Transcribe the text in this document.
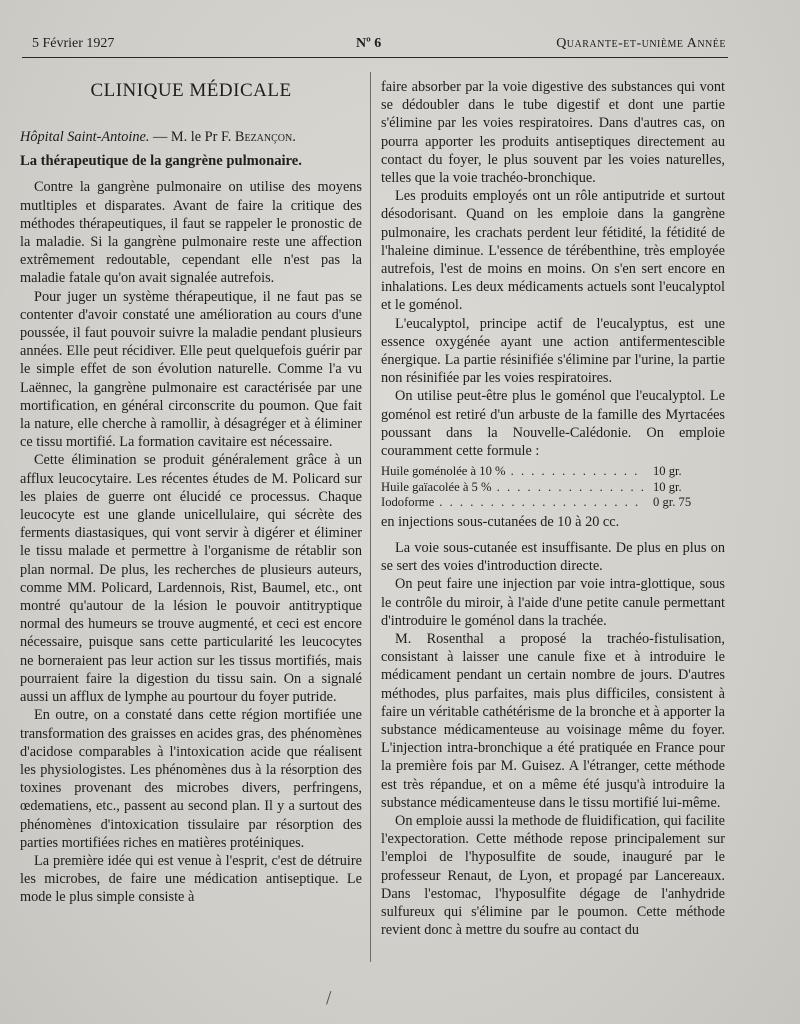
5 Février 1927	Nº 6	Quarante-et-unième Année
CLINIQUE MÉDICALE
Hôpital Saint-Antoine. — M. le Pr F. Bezançon.
La thérapeutique de la gangrène pulmonaire.

Contre la gangrène pulmonaire on utilise des moyens mutltiples et disparates. Avant de faire la critique des méthodes thérapeutiques, il faut se rappeler le pronostic de la maladie. Si la gangrène pulmonaire reste une affection extrêmement redoutable, cependant elle n'est pas la maladie fatale qu'on avait signalée autrefois.

Pour juger un système thérapeutique, il ne faut pas se contenter d'avoir constaté une amélioration au cours d'une poussée, il faut pouvoir suivre la maladie pendant plusieurs années. Elle peut récidiver. Elle peut quelquefois guérir par le simple effet de son évolution naturelle. Comme l'a vu Laënnec, la gangrène pulmonaire est caractérisée par une mortification, en général circonscrite du poumon. Que fait la nature, elle cherche à ramollir, à désagréger et à éliminer ce tissu mortifié. La formation cavitaire est nécessaire.

Cette élimination se produit généralement grâce à un afflux leucocytaire. Les récentes études de M. Policard sur les plaies de guerre ont élucidé ce processus. Chaque leucocyte est une glande unicellulaire, qui sécrète des ferments diastasiques, qui vont servir à digérer et éliminer le tissu malade et permettre à l'organisme de rétablir son plan normal. De plus, les recherches de plusieurs auteurs, comme MM. Policard, Lardennois, Rist, Baumel, etc., ont montré qu'autour de la lésion le pouvoir antitryptique normal des humeurs se trouve augmenté, et ceci est encore nécessaire, puisque sans cette particularité les leucocytes ne borneraient pas leur action sur les tissus mortifiés, mais pourraient faire la digestion du tissu sain. On a signalé aussi un afflux de lymphe au pourtour du foyer putride.

En outre, on a constaté dans cette région mortifiée une transformation des graisses en acides gras, des phénomènes d'acidose comparables à l'intoxication acide que réalisent les physiologistes. Les phénomènes dus à la résorption des toxines provenant des microbes divers, perfringens, œdematiens, etc., passent au second plan. Il y a surtout des phénomènes d'intoxication tissulaire par résorption des parties mortifiées riches en matières protéiniques.

La première idée qui est venue à l'esprit, c'est de détruire les microbes, de faire une médication antiseptique. Le mode le plus simple consiste à

faire absorber par la voie digestive des substances qui vont se dédoubler dans le tube digestif et dont une partie s'élimine par les voies respiratoires. Dans d'autres cas, on pourra apporter les produits antiseptiques directement au contact du foyer, le plus souvent par les voies naturelles, telles que la voie trachéo-bronchique.

Les produits employés ont un rôle antiputride et surtout désodorisant. Quand on les emploie dans la gangrène pulmonaire, les crachats perdent leur fétidité, la fétidité de l'haleine diminue. L'essence de térébenthine, très employée autrefois, l'est de moins en moins. On s'en sert encore en inhalations. Les deux médicaments actuels sont l'eucalyptol et le goménol.

L'eucalyptol, principe actif de l'eucalyptus, est une essence oxygénée ayant une action antifermentescible énergique. La partie résinifiée s'élimine par l'urine, la partie non résinifiée par les voies respiratoires.

On utilise peut-être plus le goménol que l'eucalyptol. Le goménol est retiré d'un arbuste de la famille des Myrtacées poussant dans la Nouvelle-Calédonie. On emploie couramment cette formule :

Huile goménolée à 10 % . . .	10 gr.
Huile gaïacolée à 5 % . . .	10 gr.
Iodoforme . . .	0 gr. 75

en injections sous-cutanées de 10 à 20 cc.

La voie sous-cutanée est insuffisante. De plus en plus on se sert des voies d'introduction directe.

On peut faire une injection par voie intra-glottique, sous le contrôle du miroir, à l'aide d'une petite canule permettant d'introduire le goménol dans la trachée.

M. Rosenthal a proposé la trachéo-fistulisation, consistant à laisser une canule fixe et à introduire le médicament pendant un certain nombre de jours. D'autres méthodes, plus parfaites, mais plus difficiles, consistent à faire un véritable cathétérisme de la bronche et à apporter la substance médicamenteuse au voisinage même du foyer. L'injection intra-bronchique a été pratiquée en France pour la première fois par M. Guisez. A l'étranger, cette méthode est très répandue, et on a même été jusqu'à introduire la substance médicamenteuse dans le tissu mortifié lui-même.

On emploie aussi la methode de fluidification, qui facilite l'expectoration. Cette méthode repose principalement sur l'emploi de l'hyposulfite de soude, inauguré par le professeur Renaut, de Lyon, et propagé par Lancereaux. Dans l'estomac, l'hyposulfite dégage de l'anhydride sulfureux qui s'élimine par le poumon. Cette méthode revient donc à mettre du soufre au contact du
